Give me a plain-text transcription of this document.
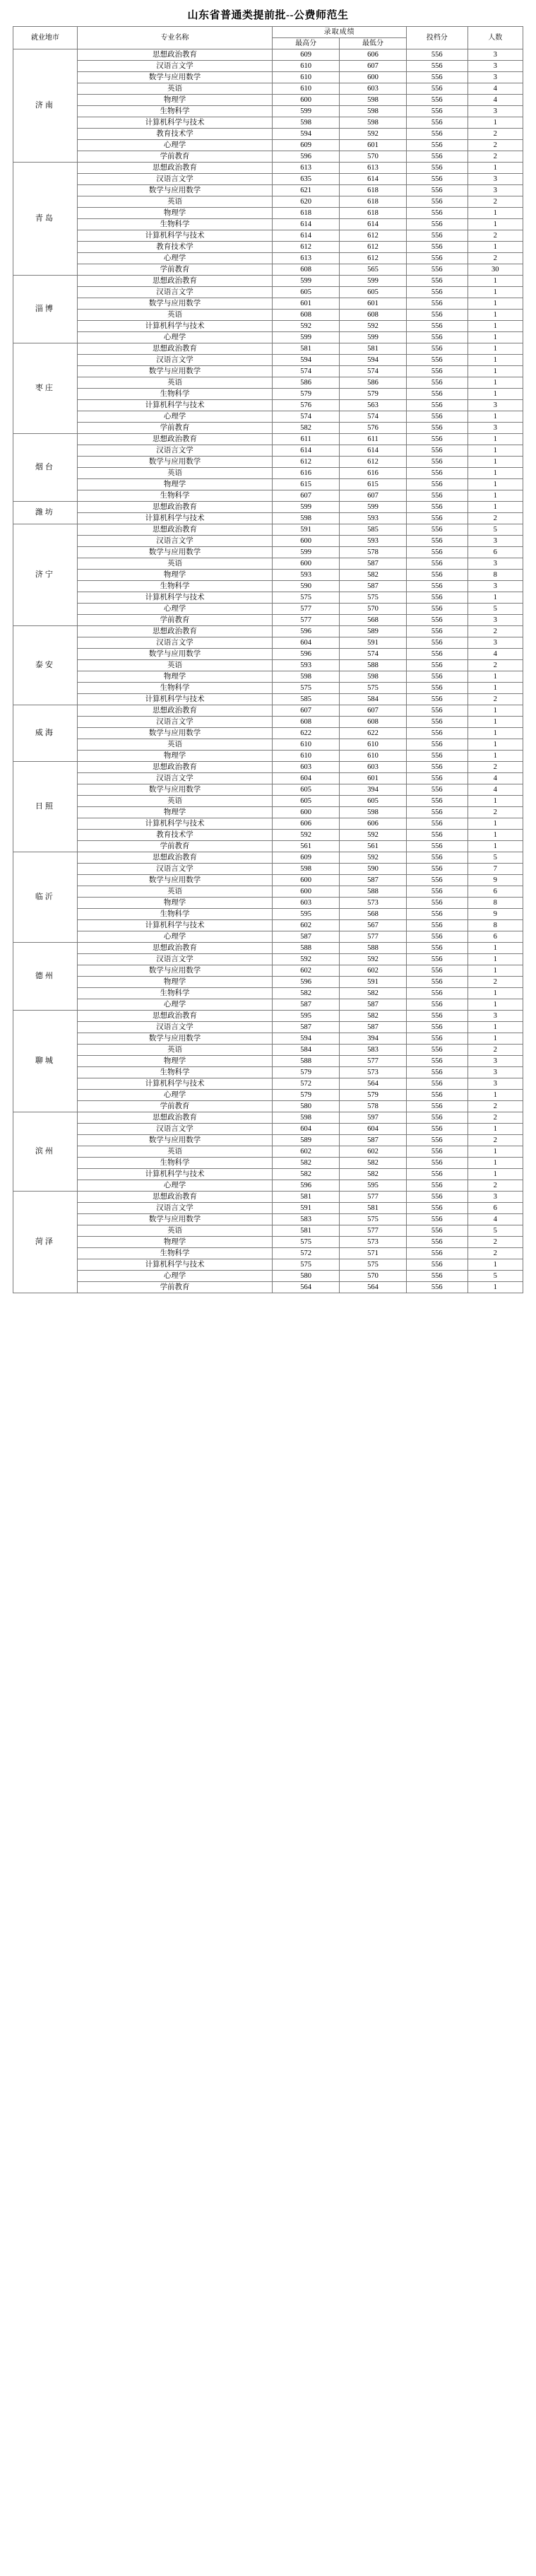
山东省普通类提前批--公费师范生
就业地市	专业名称	录取成绩		投档分	人数
		最高分	最低分		
济南	思想政治教育	609	606	556	3
	汉语言文学	610	607	556	3
	数学与应用数学	610	600	556	3
	英语	610	603	556	4
	物理学	600	598	556	4
	生物科学	599	598	556	3
	计算机科学与技术	598	598	556	1
	教育技术学	594	592	556	2
	心理学	609	601	556	2
	学前教育	596	570	556	2
青岛	思想政治教育	613	613	556	1
	汉语言文学	635	614	556	3
	数学与应用数学	621	618	556	3
	英语	620	618	556	2
	物理学	618	618	556	1
	生物科学	614	614	556	1
	计算机科学与技术	614	612	556	2
	教育技术学	612	612	556	1
	心理学	613	612	556	2
	学前教育	608	565	556	30
淄博	思想政治教育	599	599	556	1
	汉语言文学	605	605	556	1
	数学与应用数学	601	601	556	1
	英语	608	608	556	1
	计算机科学与技术	592	592	556	1
	心理学	599	599	556	1
枣庄	思想政治教育	581	581	556	1
	汉语言文学	594	594	556	1
	数学与应用数学	574	574	556	1
	英语	586	586	556	1
	生物科学	579	579	556	1
	计算机科学与技术	576	563	556	3
	心理学	574	574	556	1
	学前教育	582	576	556	3
烟台	思想政治教育	611	611	556	1
	汉语言文学	614	614	556	1
	数学与应用数学	612	612	556	1
	英语	616	616	556	1
	物理学	615	615	556	1
	生物科学	607	607	556	1
潍坊	思想政治教育	599	599	556	1
	计算机科学与技术	598	593	556	2
济宁	思想政治教育	591	585	556	5
	汉语言文学	600	593	556	3
	数学与应用数学	599	578	556	6
	英语	600	587	556	3
	物理学	593	582	556	8
	生物科学	590	587	556	3
	计算机科学与技术	575	575	556	1
	心理学	577	570	556	5
	学前教育	577	568	556	3
泰安	思想政治教育	596	589	556	2
	汉语言文学	604	591	556	3
	数学与应用数学	596	574	556	4
	英语	593	588	556	2
	物理学	598	598	556	1
	生物科学	575	575	556	1
	计算机科学与技术	585	584	556	2
威海	思想政治教育	607	607	556	1
	汉语言文学	608	608	556	1
	数学与应用数学	622	622	556	1
	英语	610	610	556	1
	物理学	610	610	556	1
日照	思想政治教育	603	603	556	2
	汉语言文学	604	601	556	4
	数学与应用数学	605	394	556	4
	英语	605	605	556	1
	物理学	600	598	556	2
	计算机科学与技术	606	606	556	1
	教育技术学	592	592	556	1
	学前教育	561	561	556	1
临沂	思想政治教育	609	592	556	5
	汉语言文学	598	590	556	7
	数学与应用数学	600	587	556	9
	英语	600	588	556	6
	物理学	603	573	556	8
	生物科学	595	568	556	9
	计算机科学与技术	602	567	556	8
	心理学	587	577	556	6
德州	思想政治教育	588	588	556	1
	汉语言文学	592	592	556	1
	数学与应用数学	602	602	556	1
	物理学	596	591	556	2
	生物科学	582	582	556	1
	心理学	587	587	556	1
聊城	思想政治教育	595	582	556	3
	汉语言文学	587	587	556	1
	数学与应用数学	594	394	556	1
	英语	584	583	556	2
	物理学	588	577	556	3
	生物科学	579	573	556	3
	计算机科学与技术	572	564	556	3
	心理学	579	579	556	1
	学前教育	580	578	556	2
滨州	思想政治教育	598	597	556	2
	汉语言文学	604	604	556	1
	数学与应用数学	589	587	556	2
	英语	602	602	556	1
	生物科学	582	582	556	1
	计算机科学与技术	582	582	556	1
	心理学	596	595	556	2
菏泽	思想政治教育	581	577	556	3
	汉语言文学	591	581	556	6
	数学与应用数学	583	575	556	4
	英语	581	577	556	5
	物理学	575	573	556	2
	生物科学	572	571	556	2
	计算机科学与技术	575	575	556	1
	心理学	580	570	556	5
	学前教育	564	564	556	1
